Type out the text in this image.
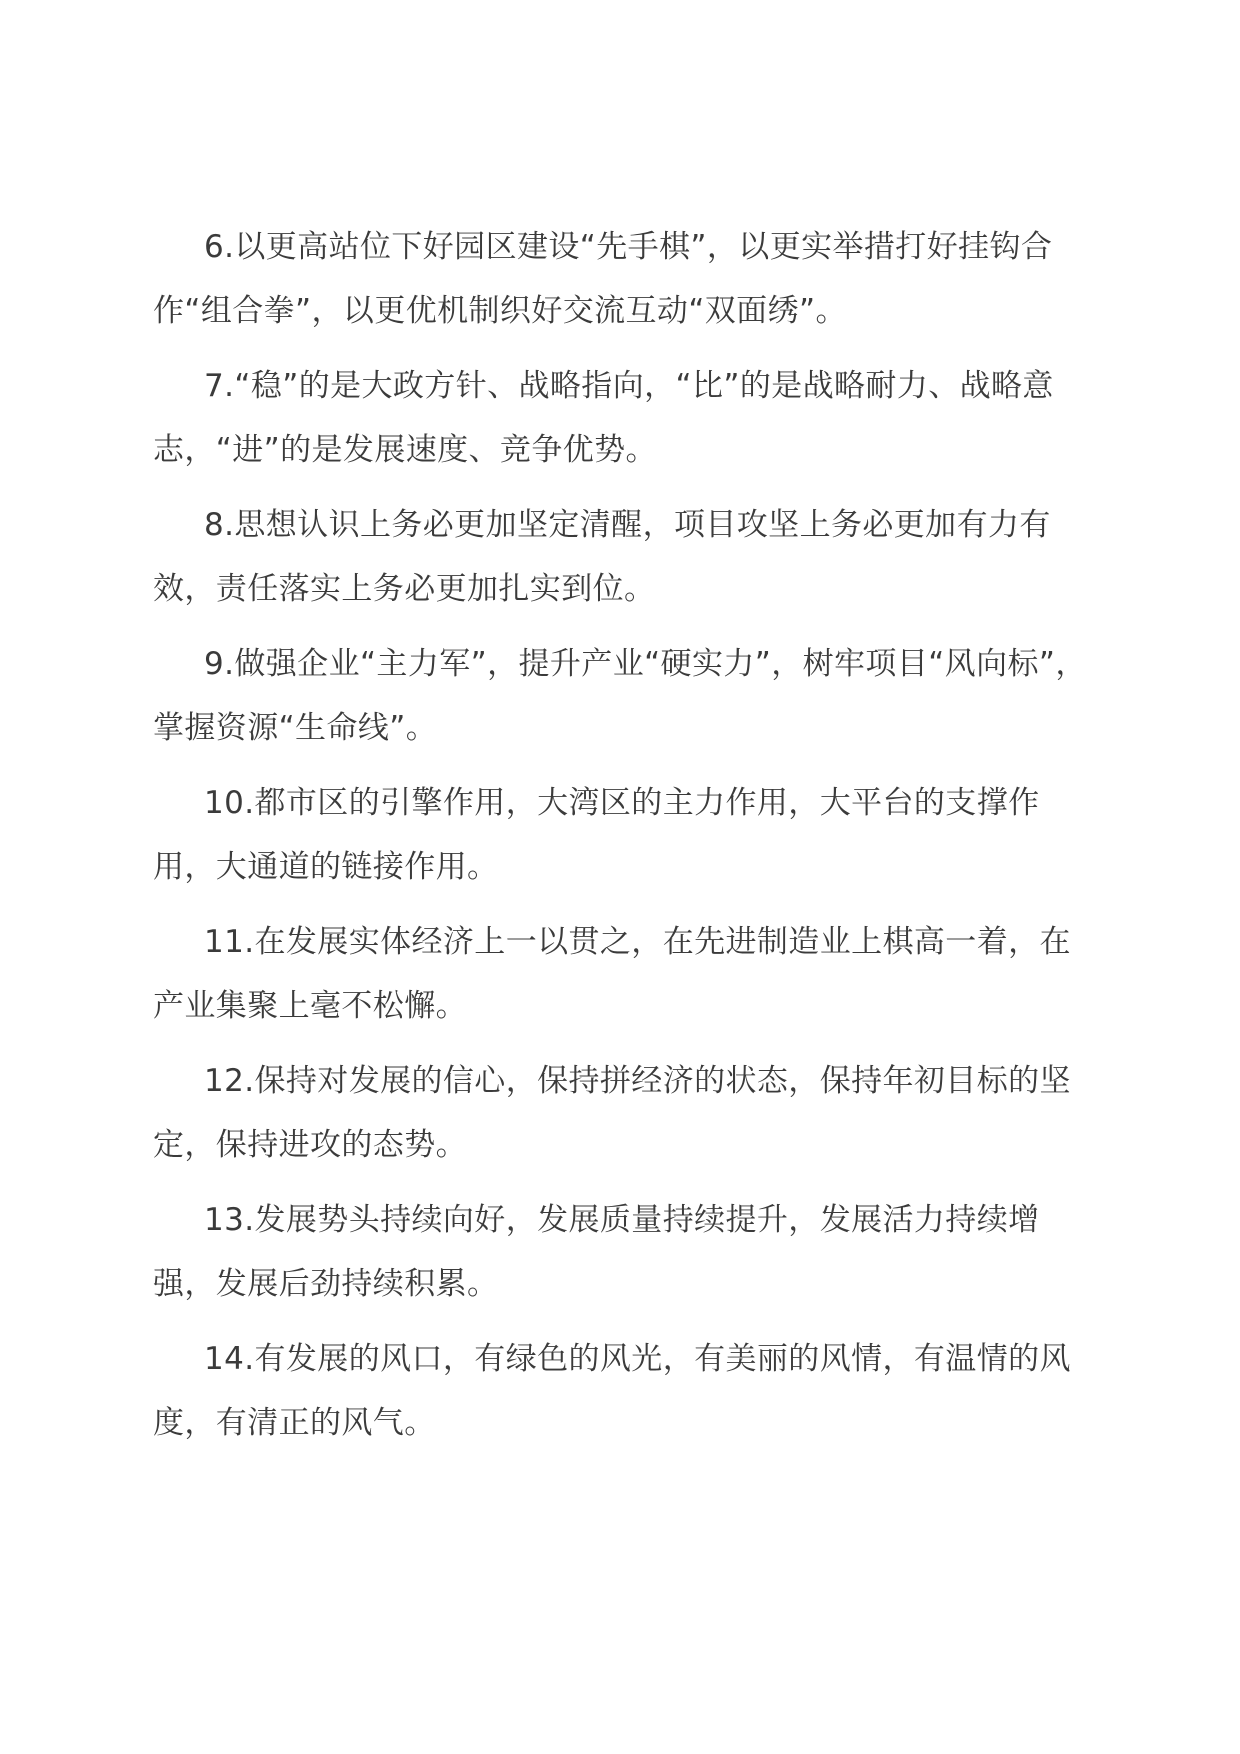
6.以更高站位下好园区建设“先手棋”，以更实举措打好挂钩合作“组合拳”，以更优机制织好交流互动“双面绣”。

7.“稳”的是大政方针、战略指向，“比”的是战略耐力、战略意志，“进”的是发展速度、竞争优势。

8.思想认识上务必更加坚定清醒，项目攻坚上务必更加有力有效，责任落实上务必更加扎实到位。

9.做强企业“主力军”，提升产业“硬实力”，树牢项目“风向标”，掌握资源“生命线”。

10.都市区的引擎作用，大湾区的主力作用，大平台的支撑作用，大通道的链接作用。

11.在发展实体经济上一以贯之，在先进制造业上棋高一着，在产业集聚上毫不松懈。

12.保持对发展的信心，保持拼经济的状态，保持年初目标的坚定，保持进攻的态势。

13.发展势头持续向好，发展质量持续提升，发展活力持续增强，发展后劲持续积累。

14.有发展的风口，有绿色的风光，有美丽的风情，有温情的风度，有清正的风气。
